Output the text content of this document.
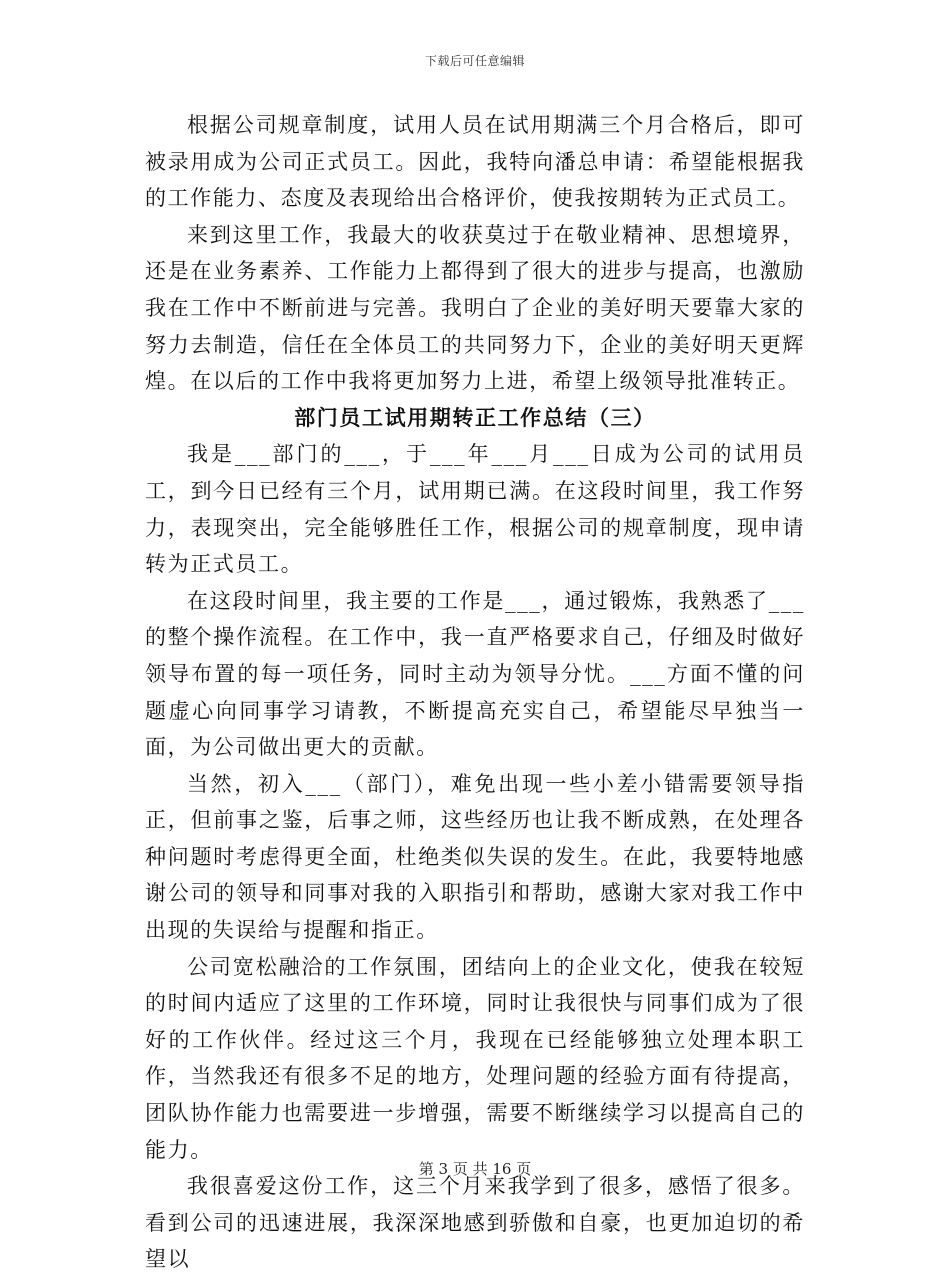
下载后可任意编辑

根据公司规章制度，试用人员在试用期满三个月合格后，即可被录用成为公司正式员工。因此，我特向潘总申请：希望能根据我的工作能力、态度及表现给出合格评价，使我按期转为正式员工。

来到这里工作，我最大的收获莫过于在敬业精神、思想境界，还是在业务素养、工作能力上都得到了很大的进步与提高，也激励我在工作中不断前进与完善。我明白了企业的美好明天要靠大家的努力去制造，信任在全体员工的共同努力下，企业的美好明天更辉煌。在以后的工作中我将更加努力上进，希望上级领导批准转正。

部门员工试用期转正工作总结（三）

我是___部门的___，于___年___月___日成为公司的试用员工，到今日已经有三个月，试用期已满。在这段时间里，我工作努力，表现突出，完全能够胜任工作，根据公司的规章制度，现申请转为正式员工。

在这段时间里，我主要的工作是___，通过锻炼，我熟悉了___的整个操作流程。在工作中，我一直严格要求自己，仔细及时做好领导布置的每一项任务，同时主动为领导分忧。___方面不懂的问题虚心向同事学习请教，不断提高充实自己，希望能尽早独当一面，为公司做出更大的贡献。

当然，初入___（部门），难免出现一些小差小错需要领导指正，但前事之鉴，后事之师，这些经历也让我不断成熟，在处理各种问题时考虑得更全面，杜绝类似失误的发生。在此，我要特地感谢公司的领导和同事对我的入职指引和帮助，感谢大家对我工作中出现的失误给与提醒和指正。

公司宽松融洽的工作氛围，团结向上的企业文化，使我在较短的时间内适应了这里的工作环境，同时让我很快与同事们成为了很好的工作伙伴。经过这三个月，我现在已经能够独立处理本职工作，当然我还有很多不足的地方，处理问题的经验方面有待提高，团队协作能力也需要进一步增强，需要不断继续学习以提高自己的能力。

我很喜爱这份工作，这三个月来我学到了很多，感悟了很多。看到公司的迅速进展，我深深地感到骄傲和自豪，也更加迫切的希望以

第 3 页 共 16 页
